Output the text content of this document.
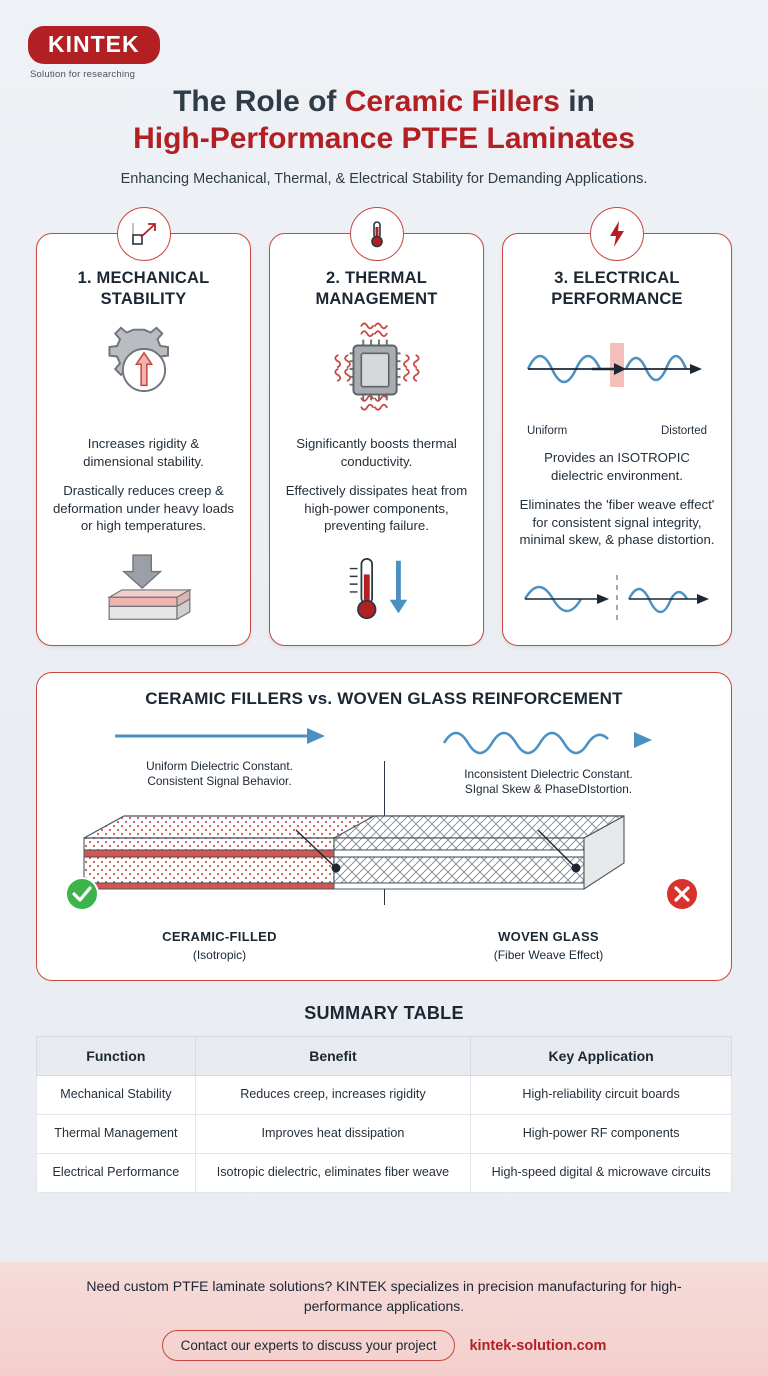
KINTEK
Solution for researching
The Role of Ceramic Fillers in
High-Performance PTFE Laminates
Enhancing Mechanical, Thermal, & Electrical Stability for Demanding Applications.
1. MECHANICAL STABILITY

Increases rigidity & dimensional stability.

Drastically reduces creep & deformation under heavy loads or high temperatures.

2. THERMAL MANAGEMENT

Significantly boosts thermal conductivity.

Effectively dissipates heat from high-power components, preventing failure.

3. ELECTRICAL PERFORMANCE
Uniform	Distorted

Provides an ISOTROPIC dielectric environment.

Eliminates the 'fiber weave effect' for consistent signal integrity, minimal skew, & phase distortion.

CERAMIC FILLERS vs. WOVEN GLASS REINFORCEMENT

Uniform Dielectric Constant.
Consistent Signal Behavior.

Inconsistent Dielectric Constant.
SIgnal Skew & PhaseDIstortion.

CERAMIC-FILLED
(Isotropic)
WOVEN GLASS
(Fiber Weave Effect)
SUMMARY TABLE
Function	Benefit	Key Application
Mechanical Stability	Reduces creep, increases rigidity	High-reliability circuit boards
Thermal Management	Improves heat dissipation	High-power RF components
Electrical Performance	Isotropic dielectric, eliminates fiber weave	High-speed digital & microwave circuits

Need custom PTFE laminate solutions? KINTEK specializes in precision manufacturing for high-performance applications.

Contact our experts to discuss your project	kintek-solution.com
